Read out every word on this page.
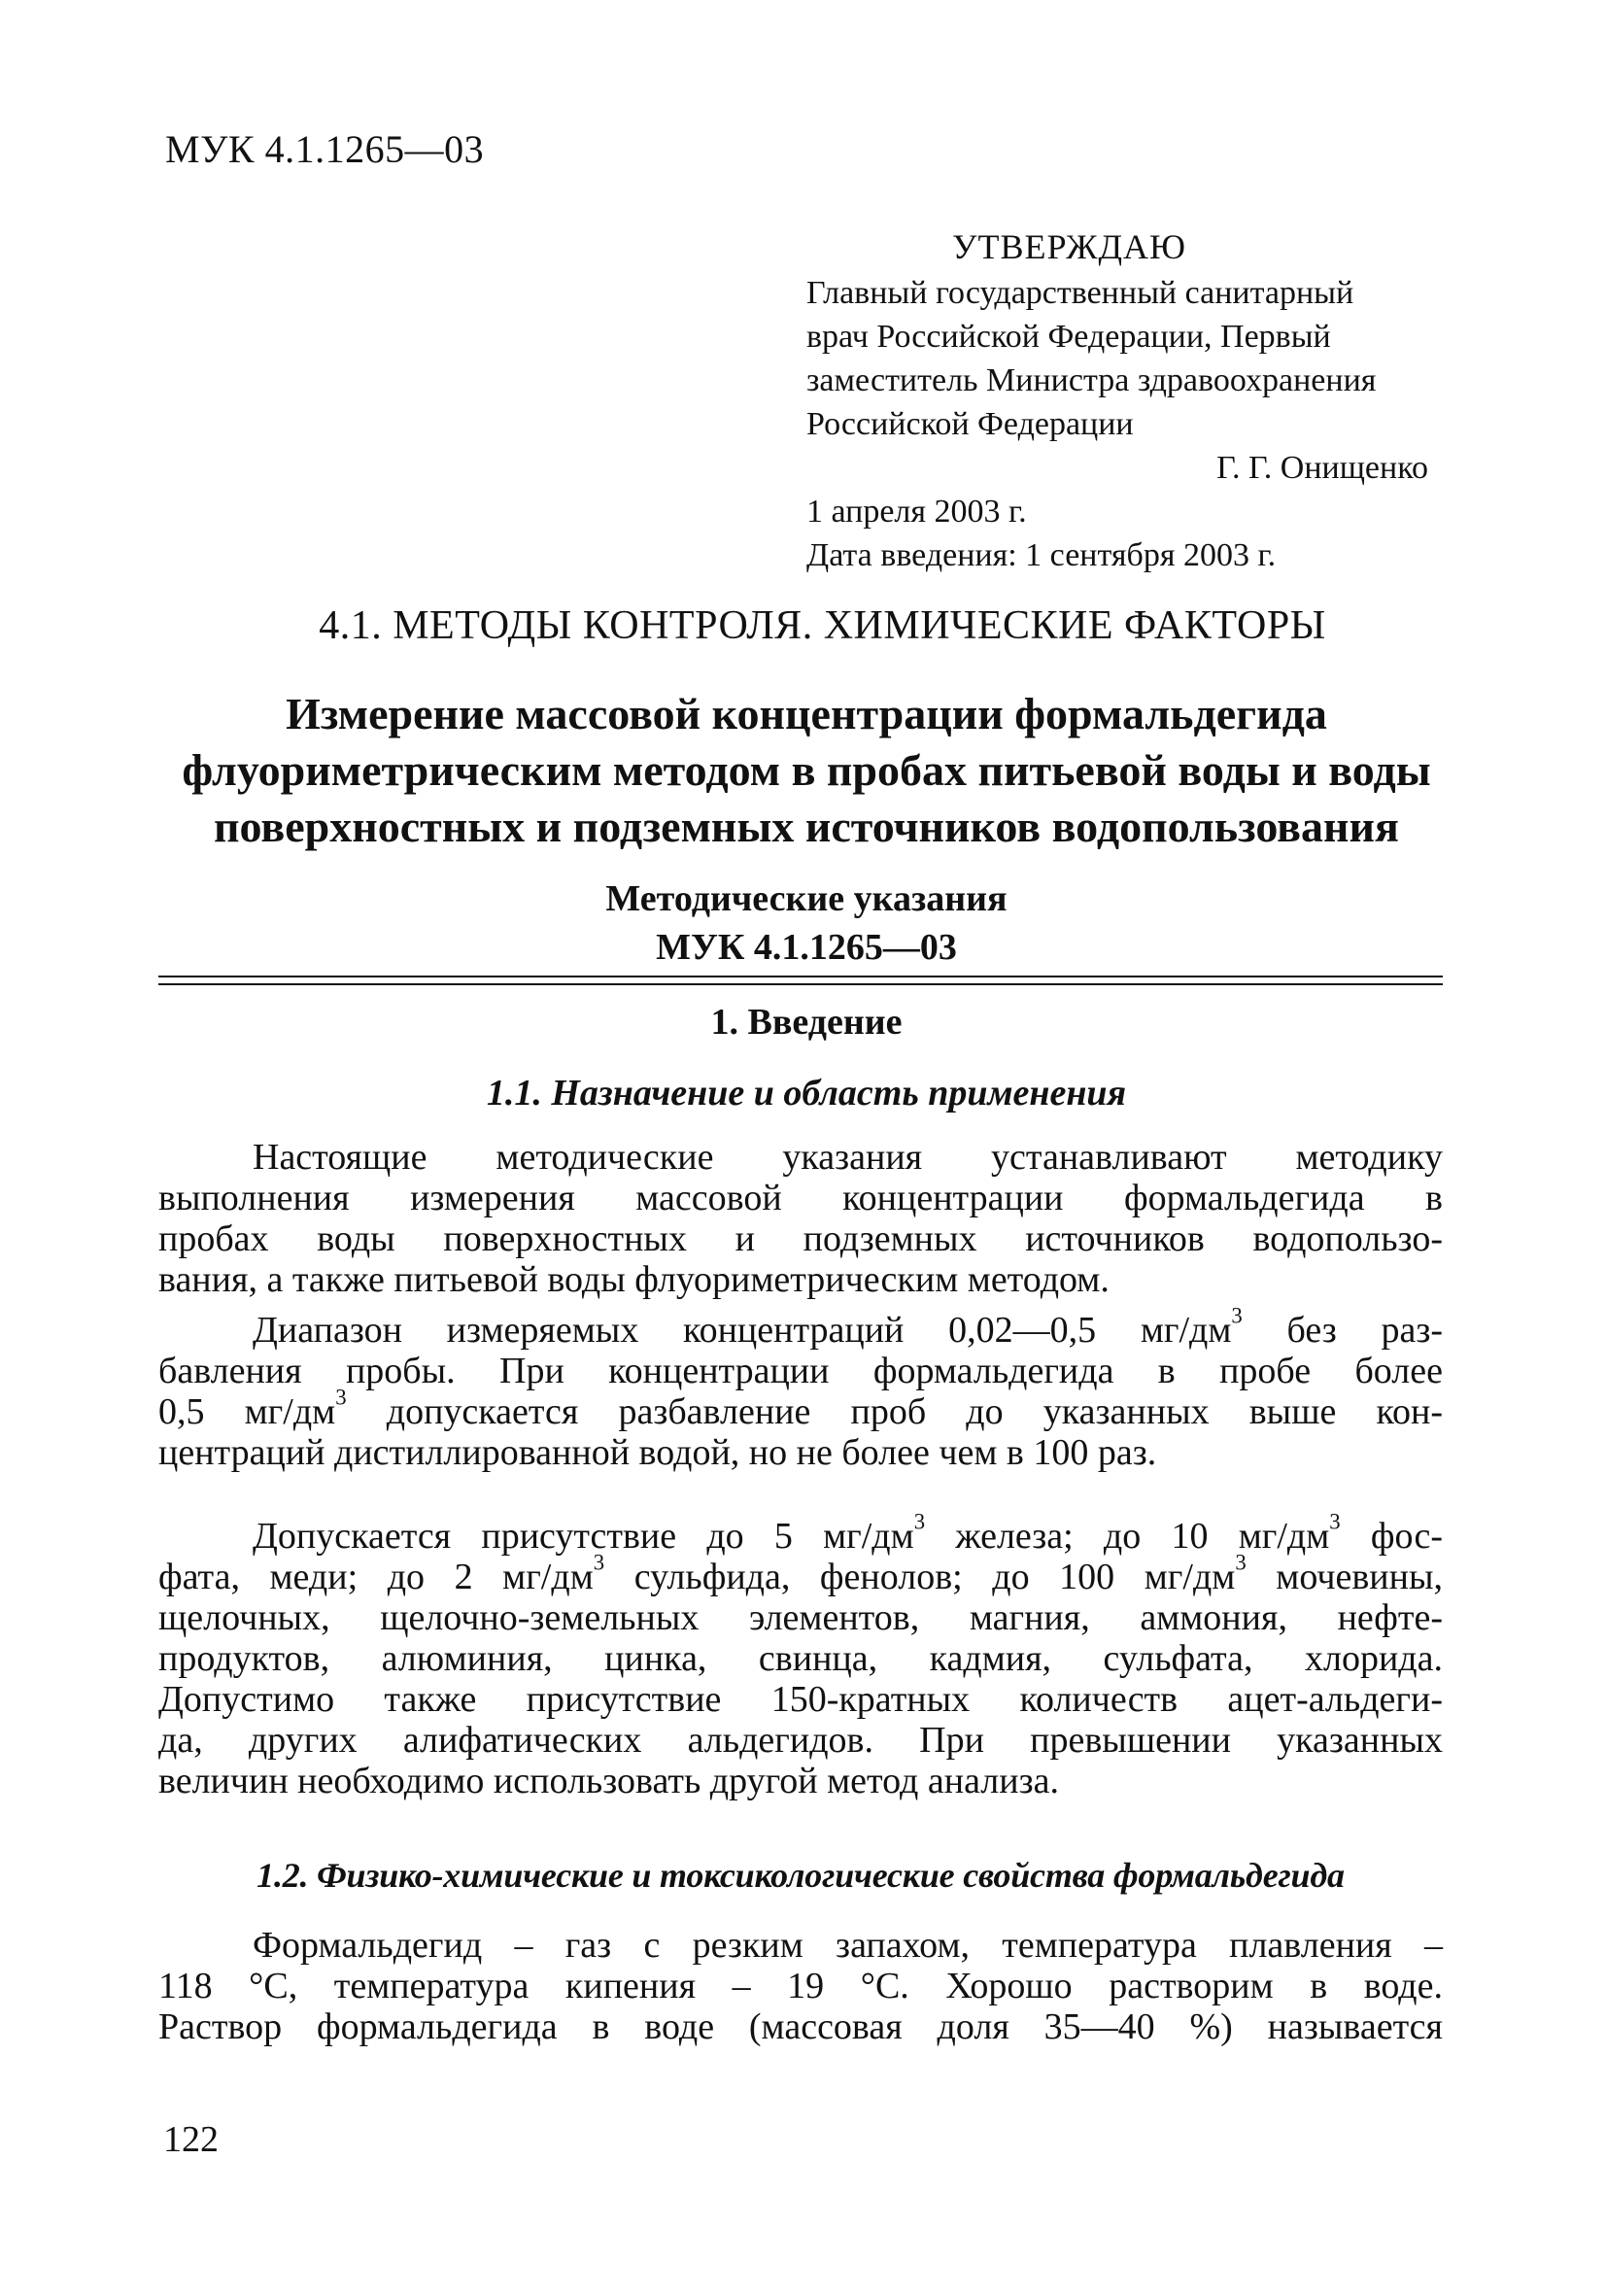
МУК 4.1.1265—03
УТВЕРЖДАЮ
Главный государственный санитарный
врач Российской Федерации, Первый
заместитель Министра здравоохранения
Российской Федерации
Г. Г. Онищенко
1 апреля 2003 г.
Дата введения: 1 сентября 2003 г.
4.1. МЕТОДЫ КОНТРОЛЯ. ХИМИЧЕСКИЕ ФАКТОРЫ
Измерение массовой концентрации формальдегида
флуориметрическим методом в пробах питьевой воды и воды
поверхностных и подземных источников водопользования
Методические указания
МУК 4.1.1265—03
1. Введение
1.1. Назначение и область применения
Настоящие методические указания устанавливают методику
выполнения измерения массовой концентрации формальдегида в
пробах воды поверхностных и подземных источников водопользо-
вания, а также питьевой воды флуориметрическим методом.
Диапазон измеряемых концентраций 0,02—0,5 $мг/дм^3$ без раз-
бавления пробы. При концентрации формальдегида в пробе более
0,5 $мг/дм^3$ допускается разбавление проб до указанных выше кон-
центраций дистиллированной водой, но не более чем в 100 раз.
Допускается присутствие до 5 $мг/дм^3$ железа; до 10 $мг/дм^3$ фос-
фата, меди; до 2 $мг/дм^3$ сульфида, фенолов; до 100 $мг/дм^3$ мочевины,
щелочных, щелочно-земельных элементов, магния, аммония, нефте-
продуктов, алюминия, цинка, свинца, кадмия, сульфата, хлорида.
Допустимо также присутствие 150-кратных количеств ацет-альдеги-
да, других алифатических альдегидов. При превышении указанных
величин необходимо использовать другой метод анализа.
1.2. Физико-химические и токсикологические свойства формальдегида
Формальдегид – газ с резким запахом, температура плавления –
118 °С, температура кипения – 19 °С. Хорошо растворим в воде.
Раствор формальдегида в воде (массовая доля 35—40 %) называется
122
